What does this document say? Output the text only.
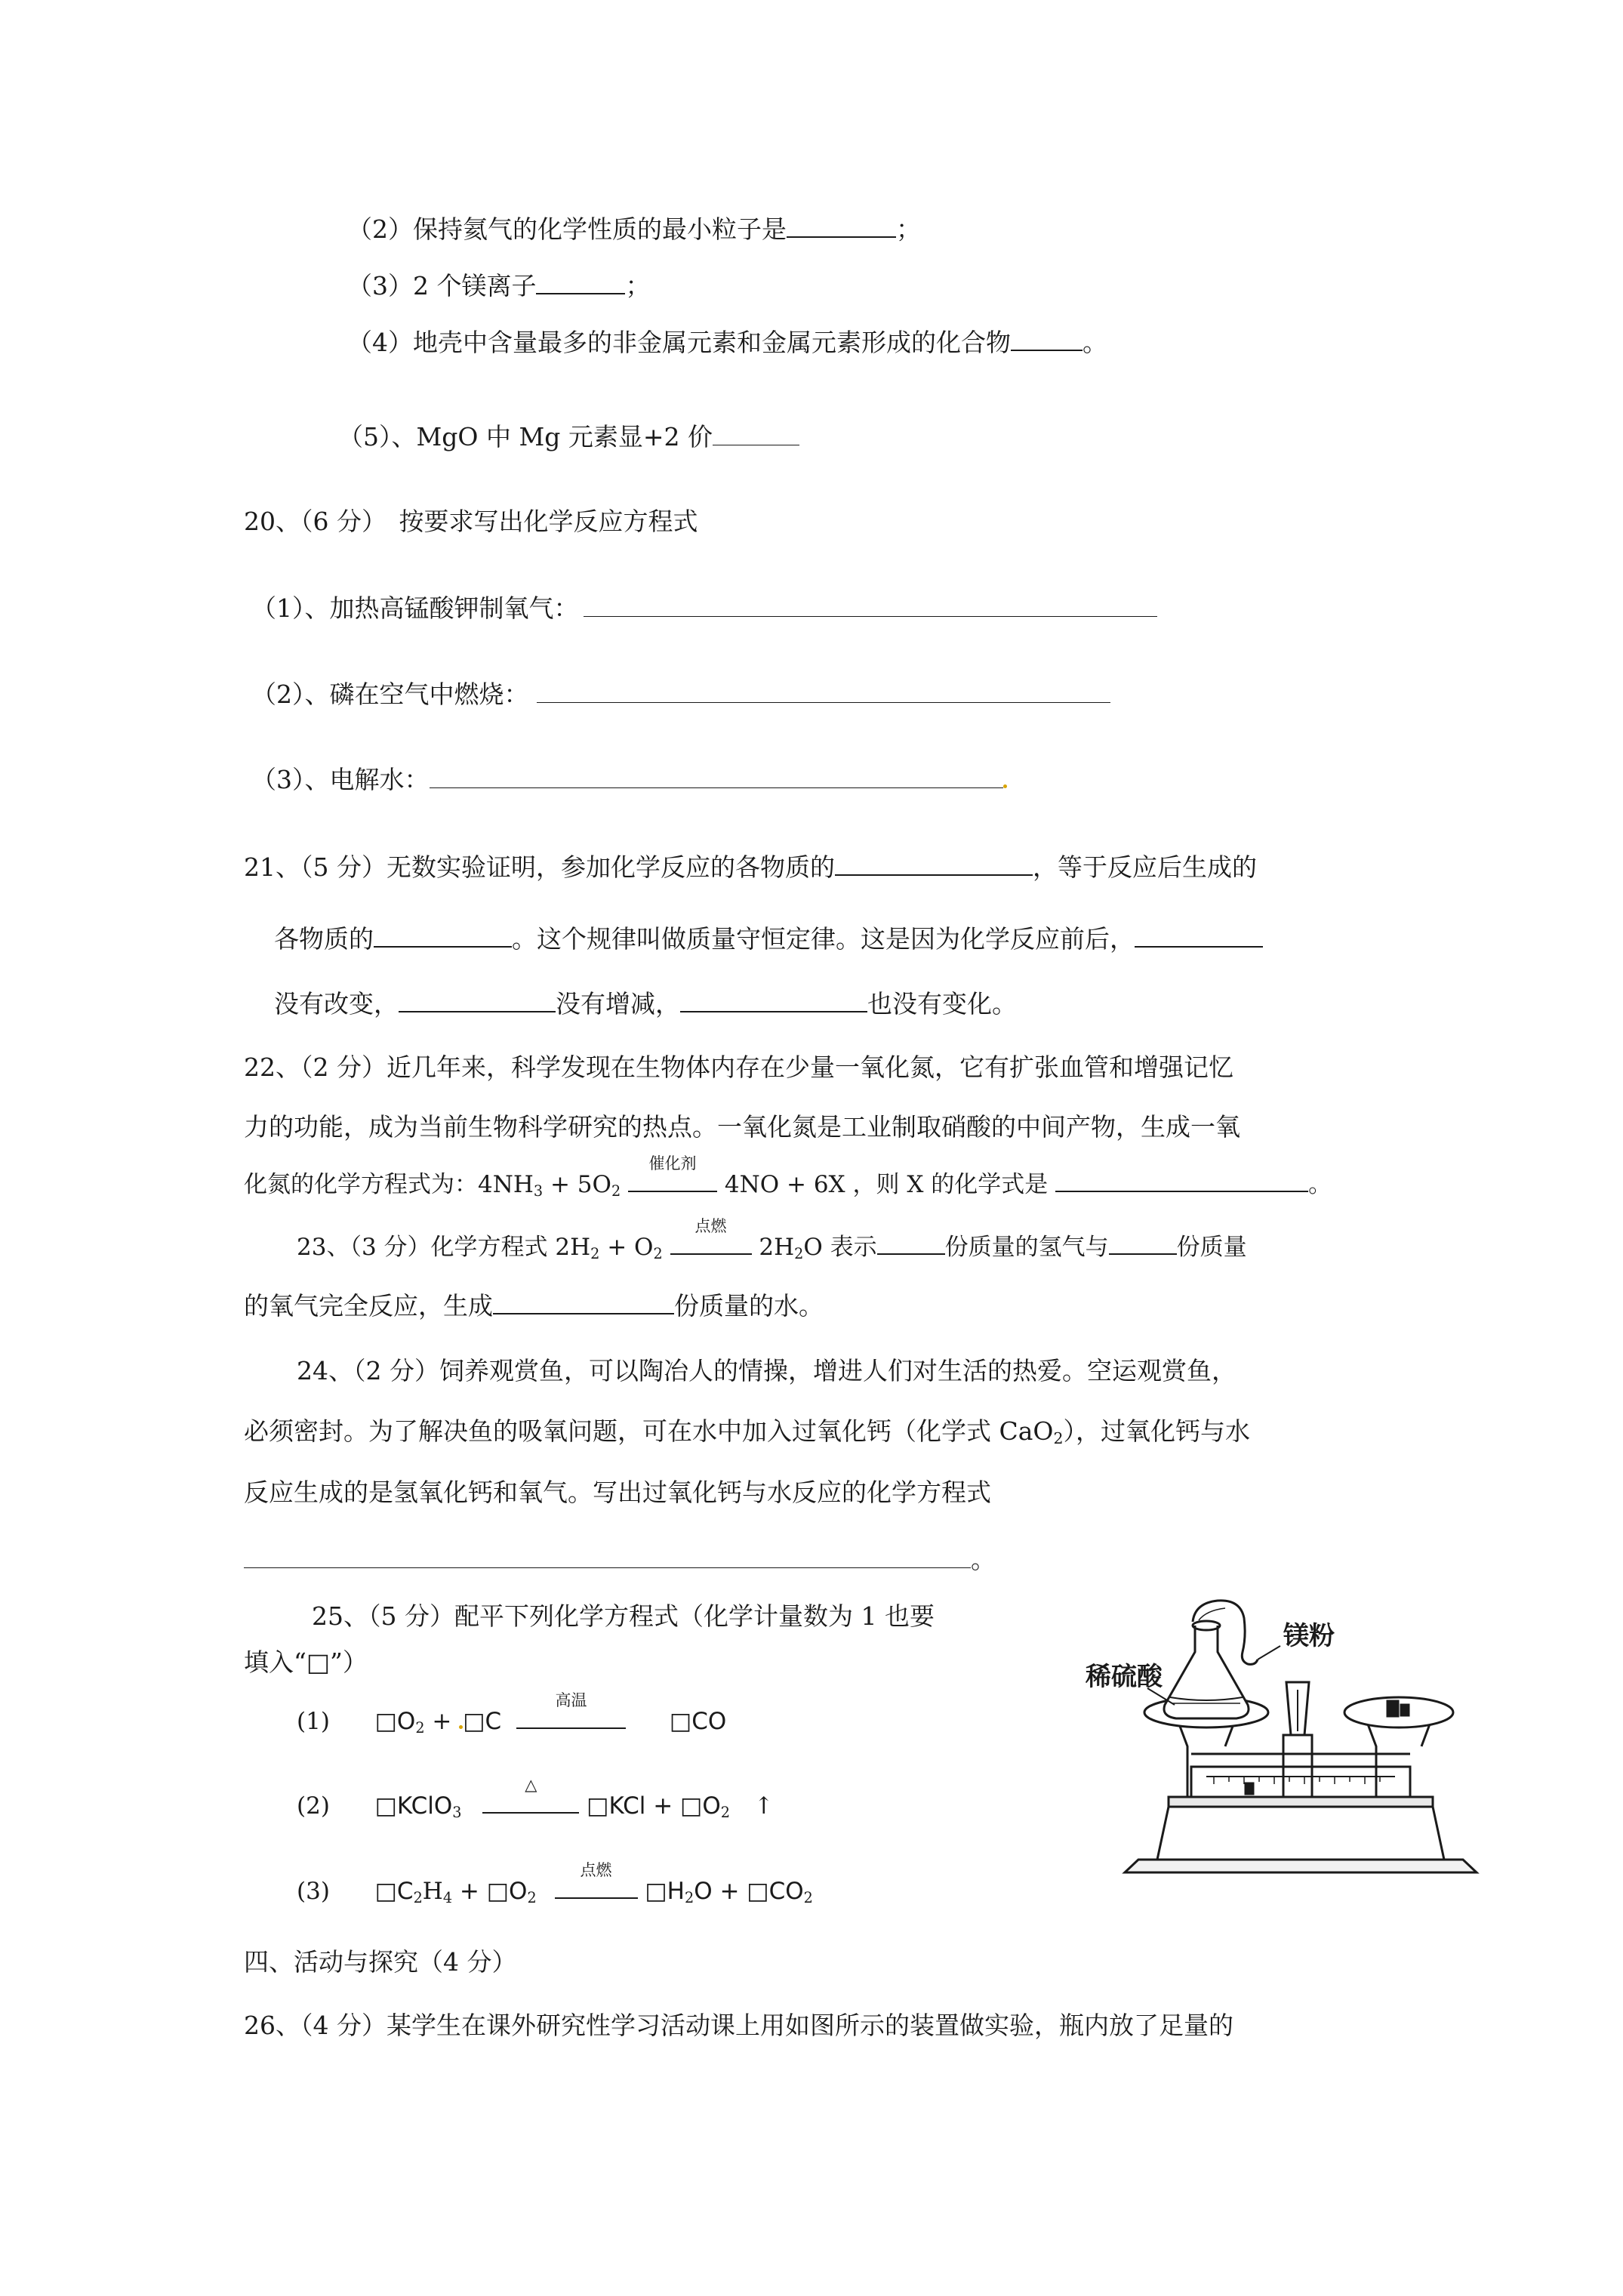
（2）保持氦气的化学性质的最小粒子是	；
（3）2 个镁离子	；
（4）地壳中含量最多的非金属元素和金属元素形成的化合物	。
（5）、MgO 中 Mg 元素显+2 价
20、（6 分）　按要求写出化学反应方程式
（1）、加热高锰酸钾制氧气：
（2）、磷在空气中燃烧：
（3）、电解水：
21、（5 分）无数实验证明，参加化学反应的各物质的	，等于反应后生成的
各物质的	。这个规律叫做质量守恒定律。这是因为化学反应前后，
没有改变，	没有增减，	也没有变化。
22、（2 分）近几年来，科学发现在生物体内存在少量一氧化氮，它有扩张血管和增强记忆
力的功能，成为当前生物科学研究的热点。一氧化氮是工业制取硝酸的中间产物，生成一氧
化氮的化学方程式为：$4NH_3 + 5O_2$
催化剂
4NO + 6X ，则 X 的化学式是	。
23、（3 分）化学方程式 $2H_2 + O_2$
点燃
$2H_2O$ 表示	份质量的氢气与	份质量
的氧气完全反应，生成	份质量的水。
24、（2 分）饲养观赏鱼，可以陶冶人的情操，增进人们对生活的热爱。空运观赏鱼，
必须密封。为了解决鱼的吸氧问题，可在水中加入过氧化钙（化学式 CaO$_2$），过氧化钙与水
反应生成的是氢氧化钙和氧气。写出过氧化钙与水反应的化学方程式
。
25、（5 分）配平下列化学方程式（化学计量数为 1 也要
填入“□”）
(1) $□O_2$ + □C
高温
□CO
(2) □KClO$_3$
△
□KCl + $□O_2$ ↑
(3) $□C_2H_4$ + $□O_2$
点燃
$□H_2O$ + $□CO_2$
四、活动与探究（4 分）
26、（4 分）某学生在课外研究性学习活动课上用如图所示的装置做实验，瓶内放了足量的
镁粉
稀硫酸
